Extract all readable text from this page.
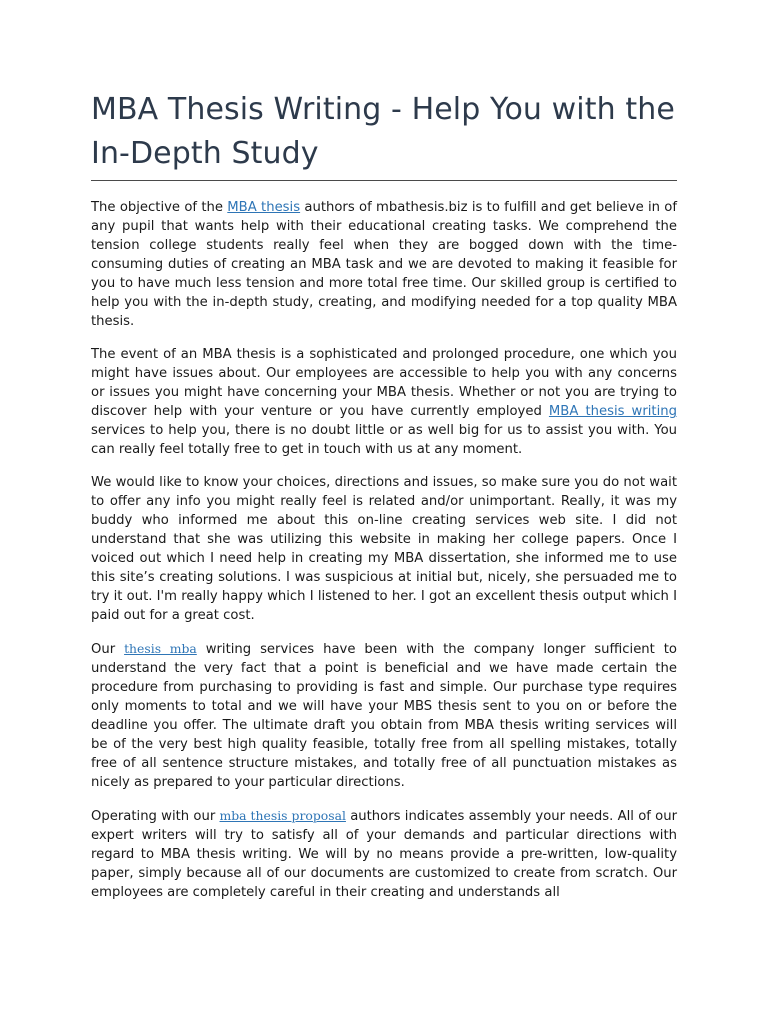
MBA Thesis Writing - Help You with the In-Depth Study

The objective of the MBA thesis authors of mbathesis.biz is to fulfill and get believe in of any pupil that wants help with their educational creating tasks. We comprehend the tension college students really feel when they are bogged down with the time-consuming duties of creating an MBA task and we are devoted to making it feasible for you to have much less tension and more total free time. Our skilled group is certified to help you with the in-depth study, creating, and modifying needed for a top quality MBA thesis.

The event of an MBA thesis is a sophisticated and prolonged procedure, one which you might have issues about. Our employees are accessible to help you with any concerns or issues you might have concerning your MBA thesis. Whether or not you are trying to discover help with your venture or you have currently employed MBA thesis writing services to help you, there is no doubt little or as well big for us to assist you with. You can really feel totally free to get in touch with us at any moment.

We would like to know your choices, directions and issues, so make sure you do not wait to offer any info you might really feel is related and/or unimportant. Really, it was my buddy who informed me about this on-line creating services web site. I did not understand that she was utilizing this website in making her college papers. Once I voiced out which I need help in creating my MBA dissertation, she informed me to use this site’s creating solutions. I was suspicious at initial but, nicely, she persuaded me to try it out. I'm really happy which I listened to her. I got an excellent thesis output which I paid out for a great cost.

Our thesis mba writing services have been with the company longer sufficient to understand the very fact that a point is beneficial and we have made certain the procedure from purchasing to providing is fast and simple. Our purchase type requires only moments to total and we will have your MBS thesis sent to you on or before the deadline you offer. The ultimate draft you obtain from MBA thesis writing services will be of the very best high quality feasible, totally free from all spelling mistakes, totally free of all sentence structure mistakes, and totally free of all punctuation mistakes as nicely as prepared to your particular directions.

Operating with our mba thesis proposal authors indicates assembly your needs. All of our expert writers will try to satisfy all of your demands and particular directions with regard to MBA thesis writing. We will by no means provide a pre-written, low-quality paper, simply because all of our documents are customized to create from scratch. Our employees are completely careful in their creating and understands all
